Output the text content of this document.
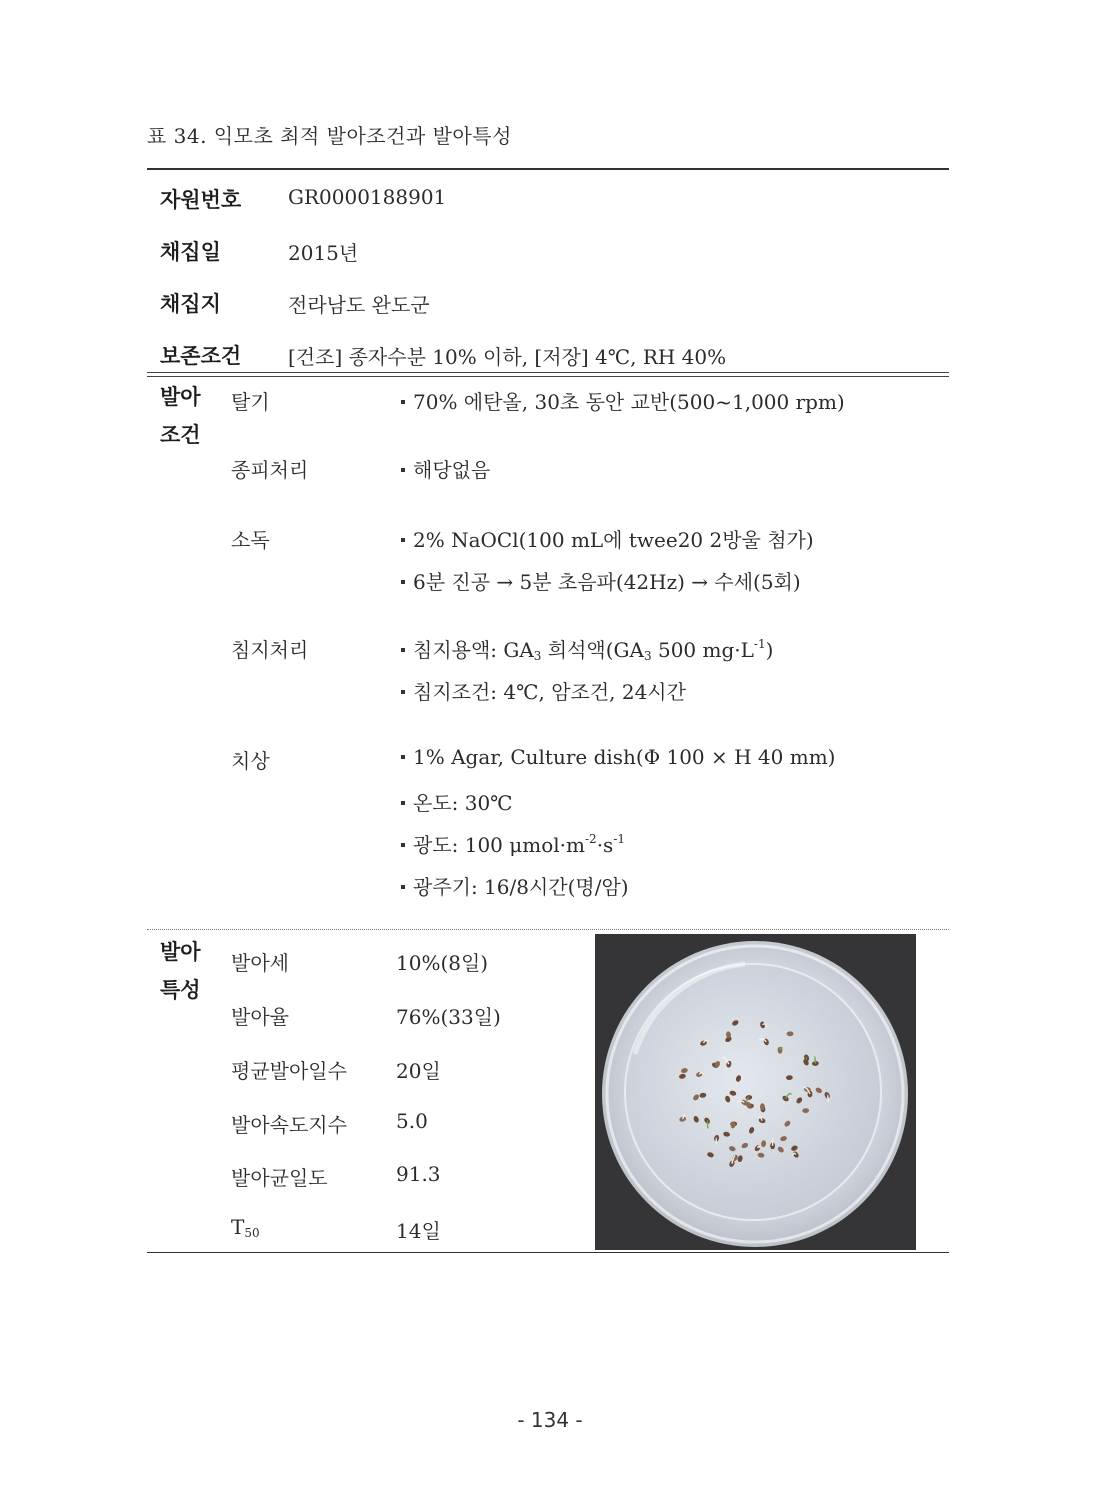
표 34. 익모초 최적 발아조건과 발아특성
자원번호 GR0000188901
채집일	2015년
채집지	전라남도 완도군
보존조건 [건조] 종자수분 10% 이하, [저장] 4℃, RH 40%
발아
조건
탈기	70% 에탄올, 30초 동안 교반(500~1,000 rpm)
종피처리	해당없음
소독	2% NaOCl(100 mL에 twee20 2방울 첨가)
6분 진공 → 5분 초음파(42Hz) → 수세(5회)
침지처리	침지용액: $GA_3$ 희석액($GA_3$ 500 $mg\cdot L^{-1}$)
침지조건: 4℃, 암조건, 24시간
치상	1% Agar, Culture dish(Φ 100 × H 40 mm)
온도: 30℃
광도: 100 $\mu mol\cdot m^{-2}\cdot s^{-1}$
광주기: 16/8시간(명/암)
발아
특성
발아세	10%(8일)
발아율	76%(33일)
평균발아일수 20일
발아속도지수 5.0
발아균일도	91.3
$T_{50}$	14일
- 134 -
